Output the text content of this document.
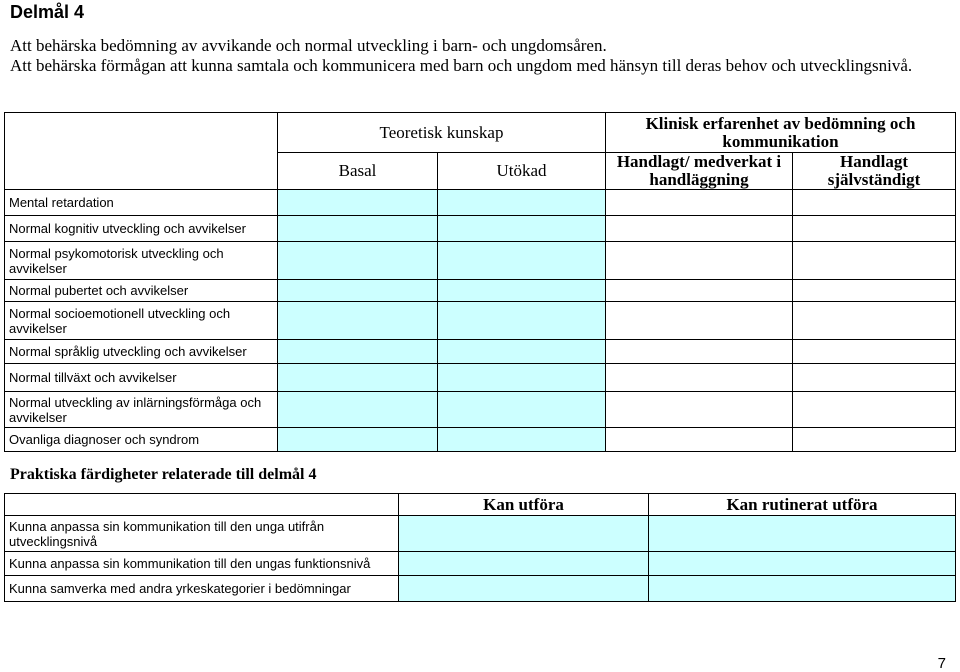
Delmål 4
Att behärska bedömning av avvikande och normal utveckling i barn- och ungdomsåren.
Att behärska förmågan att kunna samtala och kommunicera med barn och ungdom med hänsyn till deras behov och utvecklingsnivå.
	Teoretisk kunskap		Klinisk erfarenhet av bedömning och kommunikation	
	Basal	Utökad	Handlagt/ medverkat i handläggning	Handlagt självständigt
Mental retardation				
Normal kognitiv utveckling och avvikelser				
Normal psykomotorisk utveckling och avvikelser				
Normal pubertet och avvikelser				
Normal socioemotionell utveckling och avvikelser				
Normal språklig utveckling och avvikelser				
Normal tillväxt och avvikelser				
Normal utveckling av inlärningsförmåga och avvikelser				
Ovanliga diagnoser och syndrom				
Praktiska färdigheter relaterade till delmål 4
	Kan utföra	Kan rutinerat utföra
Kunna anpassa sin kommunikation till den unga utifrån utvecklingsnivå		
Kunna anpassa sin kommunikation till den ungas funktionsnivå		
Kunna samverka med andra yrkeskategorier i bedömningar		
7
